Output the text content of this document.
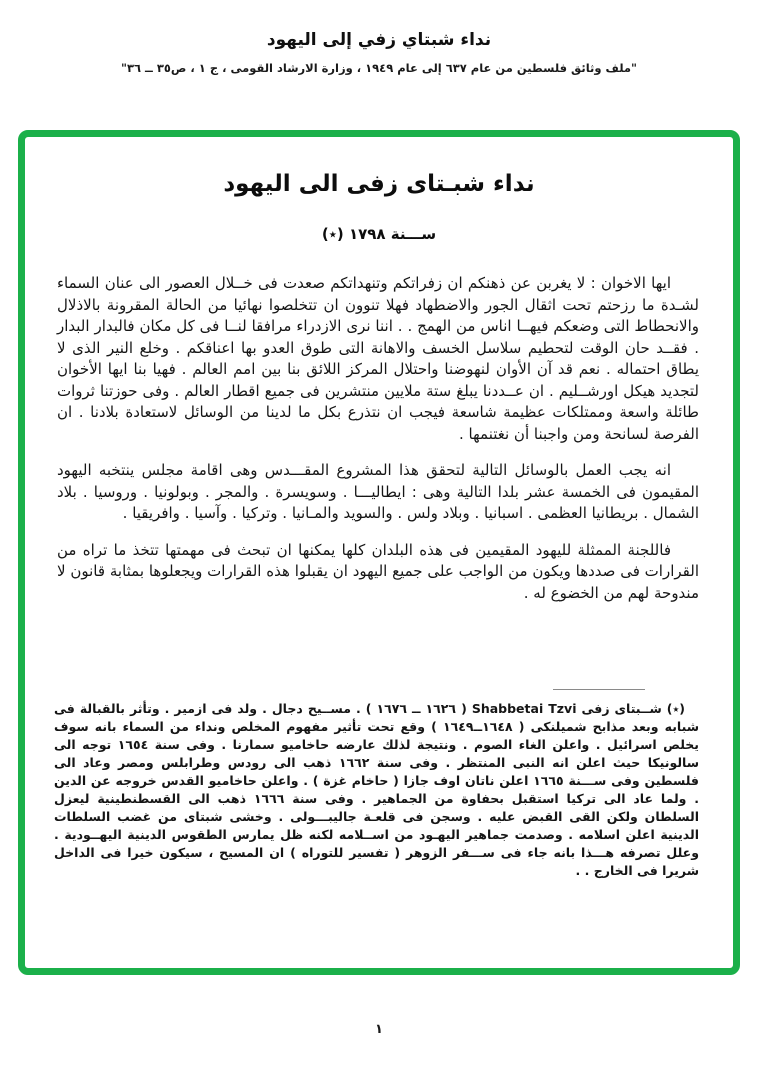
نداء شبتاي زفي إلى اليهود
"ملف وثائق فلسطين من عام ٦٣٧ إلى عام ١٩٤٩ ، وزارة الارشاد القومى ، ج ١ ، ص٣٥ ــ ٣٦"
نداء شبـتاى زفى الى اليهود
ســـنة ١٧٩٨ (٭)

ايها الاخوان : لا يغربن عن ذهنكم ان زفراتكم وتنهداتكم صعدت فى خــلال العصور الى عنان السماء لشـدة ما رزحتم تحت اثقال الجور والاضطهاد فهلا تنوون ان تتخلصوا نهائيا من الحالة المقرونة بالاذلال والانحطاط التى وضعكم فيهــا اناس من الهمج . . اننا نرى الازدراء مرافقا لنــا فى كل مكان فالبدار البدار . فقــد حان الوقت لتحطيم سلاسل الخسف والاهانة التى طوق العدو بها اعناقكم . وخلع النير الذى لا يطاق احتماله . نعم قد آن الأوان لنهوضنا واحتلال المركز اللائق بنا بين امم العالم . فهيا بنا ايها الأخوان لتجديد هيكل اورشــليم . ان عــددنا يبلغ ستة ملايين منتشرين فى جميع اقطار العالم . وفى حوزتنا ثروات طائلة واسعة وممتلكات عظيمة شاسعة فيجب ان نتذرع بكل ما لدينا من الوسائل لاستعادة بلادنا . ان الفرصة لسانحة ومن واجبنا أن نغتنمها .

انه يجب العمل بالوسائل التالية لتحقق هذا المشروع المقـــدس وهى اقامة مجلس ينتخبه اليهود المقيمون فى الخمسة عشر بلدا التالية وهى : ايطاليـــا . وسويسرة . والمجر . وبولونيا . وروسيا . بلاد الشمال . بريطانيا العظمى . اسبانيا . وبلاد ولس . والسويد والمـانيا . وتركيا . وآسيا . وافريقيا .

فاللجنة الممثلة لليهود المقيمين فى هذه البلدان كلها يمكنها ان تبحث فى مهمتها تتخذ ما تراه من القرارات فى صددها ويكون من الواجب على جميع اليهود ان يقبلوا هذه القرارات ويجعلوها بمثابة قانون لا مندوحة لهم من الخضوع له .

(٭) شــبتاى زفى Shabbetai Tzvi ( ١٦٢٦ ــ ١٦٧٦ ) . مســيح دجال . ولد فى ازمير . وتأثر بالقبالة فى شبابه وبعد مذابح شميلنكى ( ١٦٤٨ــ١٦٤٩ ) وقع تحت تأثير مفهوم المخلص ونداء من السماء بانه سوف يخلص اسرائيل . واعلن الغاء الصوم . ونتيجة لذلك عارضه حاخاميو سمارنا . وفى سنة ١٦٥٤ توجه الى سالونيكا حيث اعلن انه النبى المنتظر . وفى سنة ١٦٦٢ ذهب الى رودس وطرابلس ومصر وعاد الى فلسطين وفى ســـنة ١٦٦٥ اعلن ناتان اوف جازا ( حاخام غزة ) . واعلن حاخاميو القدس خروجه عن الدين . ولما عاد الى تركيا استقبل بحفاوة من الجماهير . وفى سنة ١٦٦٦ ذهب الى القسطنطينية ليعزل السلطان ولكن القى القبض عليه . وسجن فى قلعـة جاليبـــولى . وخشى شبتاى من غضب السلطات الدينية اعلن اسلامه . وصدمت جماهير اليهـود من اســلامه لكنه ظل يمارس الطقوس الدينية اليهــودية . وعلل تصرفه هـــذا بانه جاء فى ســـفر الزوهر ( تفسير للتوراه ) ان المسيح ، سيكون خيرا فى الداخل شريرا فى الخارج . .
١
